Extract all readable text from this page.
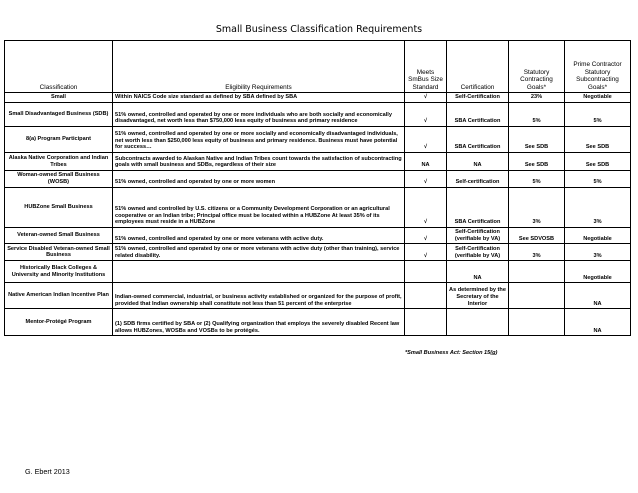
Small Business Classification Requirements
Classification	Eligibility Requirements	Meets SmBus Size Standard	Certification	Statutory Contracting Goals*	Prime Contractor Statutory Subcontracting Goals*
Small	Within NAICS Code size standard as defined by SBA defined by SBA	√	Self-Certification	23%	Negotiable
Small Disadvantaged Business (SDB)	51% owned, controlled and operated by one or more individuals who are both socially and economically disadvantaged, net worth less than $750,000 less equity of business and primary residence	√	SBA Certification	5%	5%
8(a) Program Participant	51% owned, controlled and operated by one or more socially and economically disadvantaged individuals, net worth less than $250,000 less equity of business and primary residence. Business must have potential for success…	√	SBA Certification	See SDB	See SDB
Alaska Native Corporation and Indian Tribes	Subcontracts awarded to Alaskan Native and Indian Tribes count towards the satisfaction of subcontracting goals with small business and SDBs, regardless of their size	NA	NA	See SDB	See SDB
Woman-owned Small Business (WOSB)	51% owned, controlled and operated by one or more women	√	Self-certification	5%	5%
HUBZone Small Business	51% owned and controlled by U.S. citizens or a Community Development Corporation or an agricultural cooperative or an Indian tribe; Principal office must be located within a HUBZone At least 35% of its employees must reside in a HUBZone	√	SBA Certification	3%	3%
Veteran-owned Small Business	51% owned, controlled and operated by one or more veterans with active duty.	√	Self-Certification (verifiable by VA)	See SDVOSB	Negotiable
Service Disabled Veteran-owned Small Business	51% owned, controlled and operated by one or more veterans with active duty (other than training), service related disability.	√	Self-Certification (verifiable by VA)	3%	3%
Historically Black Colleges & University and Minority Institutions			NA		Negotiable
Native American Indian Incentive Plan	Indian-owned commercial, industrial, or business activity established or organized for the purpose of profit, provided that Indian ownership shall constitute not less than 51 percent of the enterprise		As determined by the Secretary of the Interior		NA
Mentor-Protégé Program	(1) SDB firms certified by SBA or (2) Qualifying organization that employs the severely disabled Recent law allows HUBZones, WOSBs and VOSBs to be protégés.				NA
*Small Business Act: Section 15(g)
G. Ebert 2013
